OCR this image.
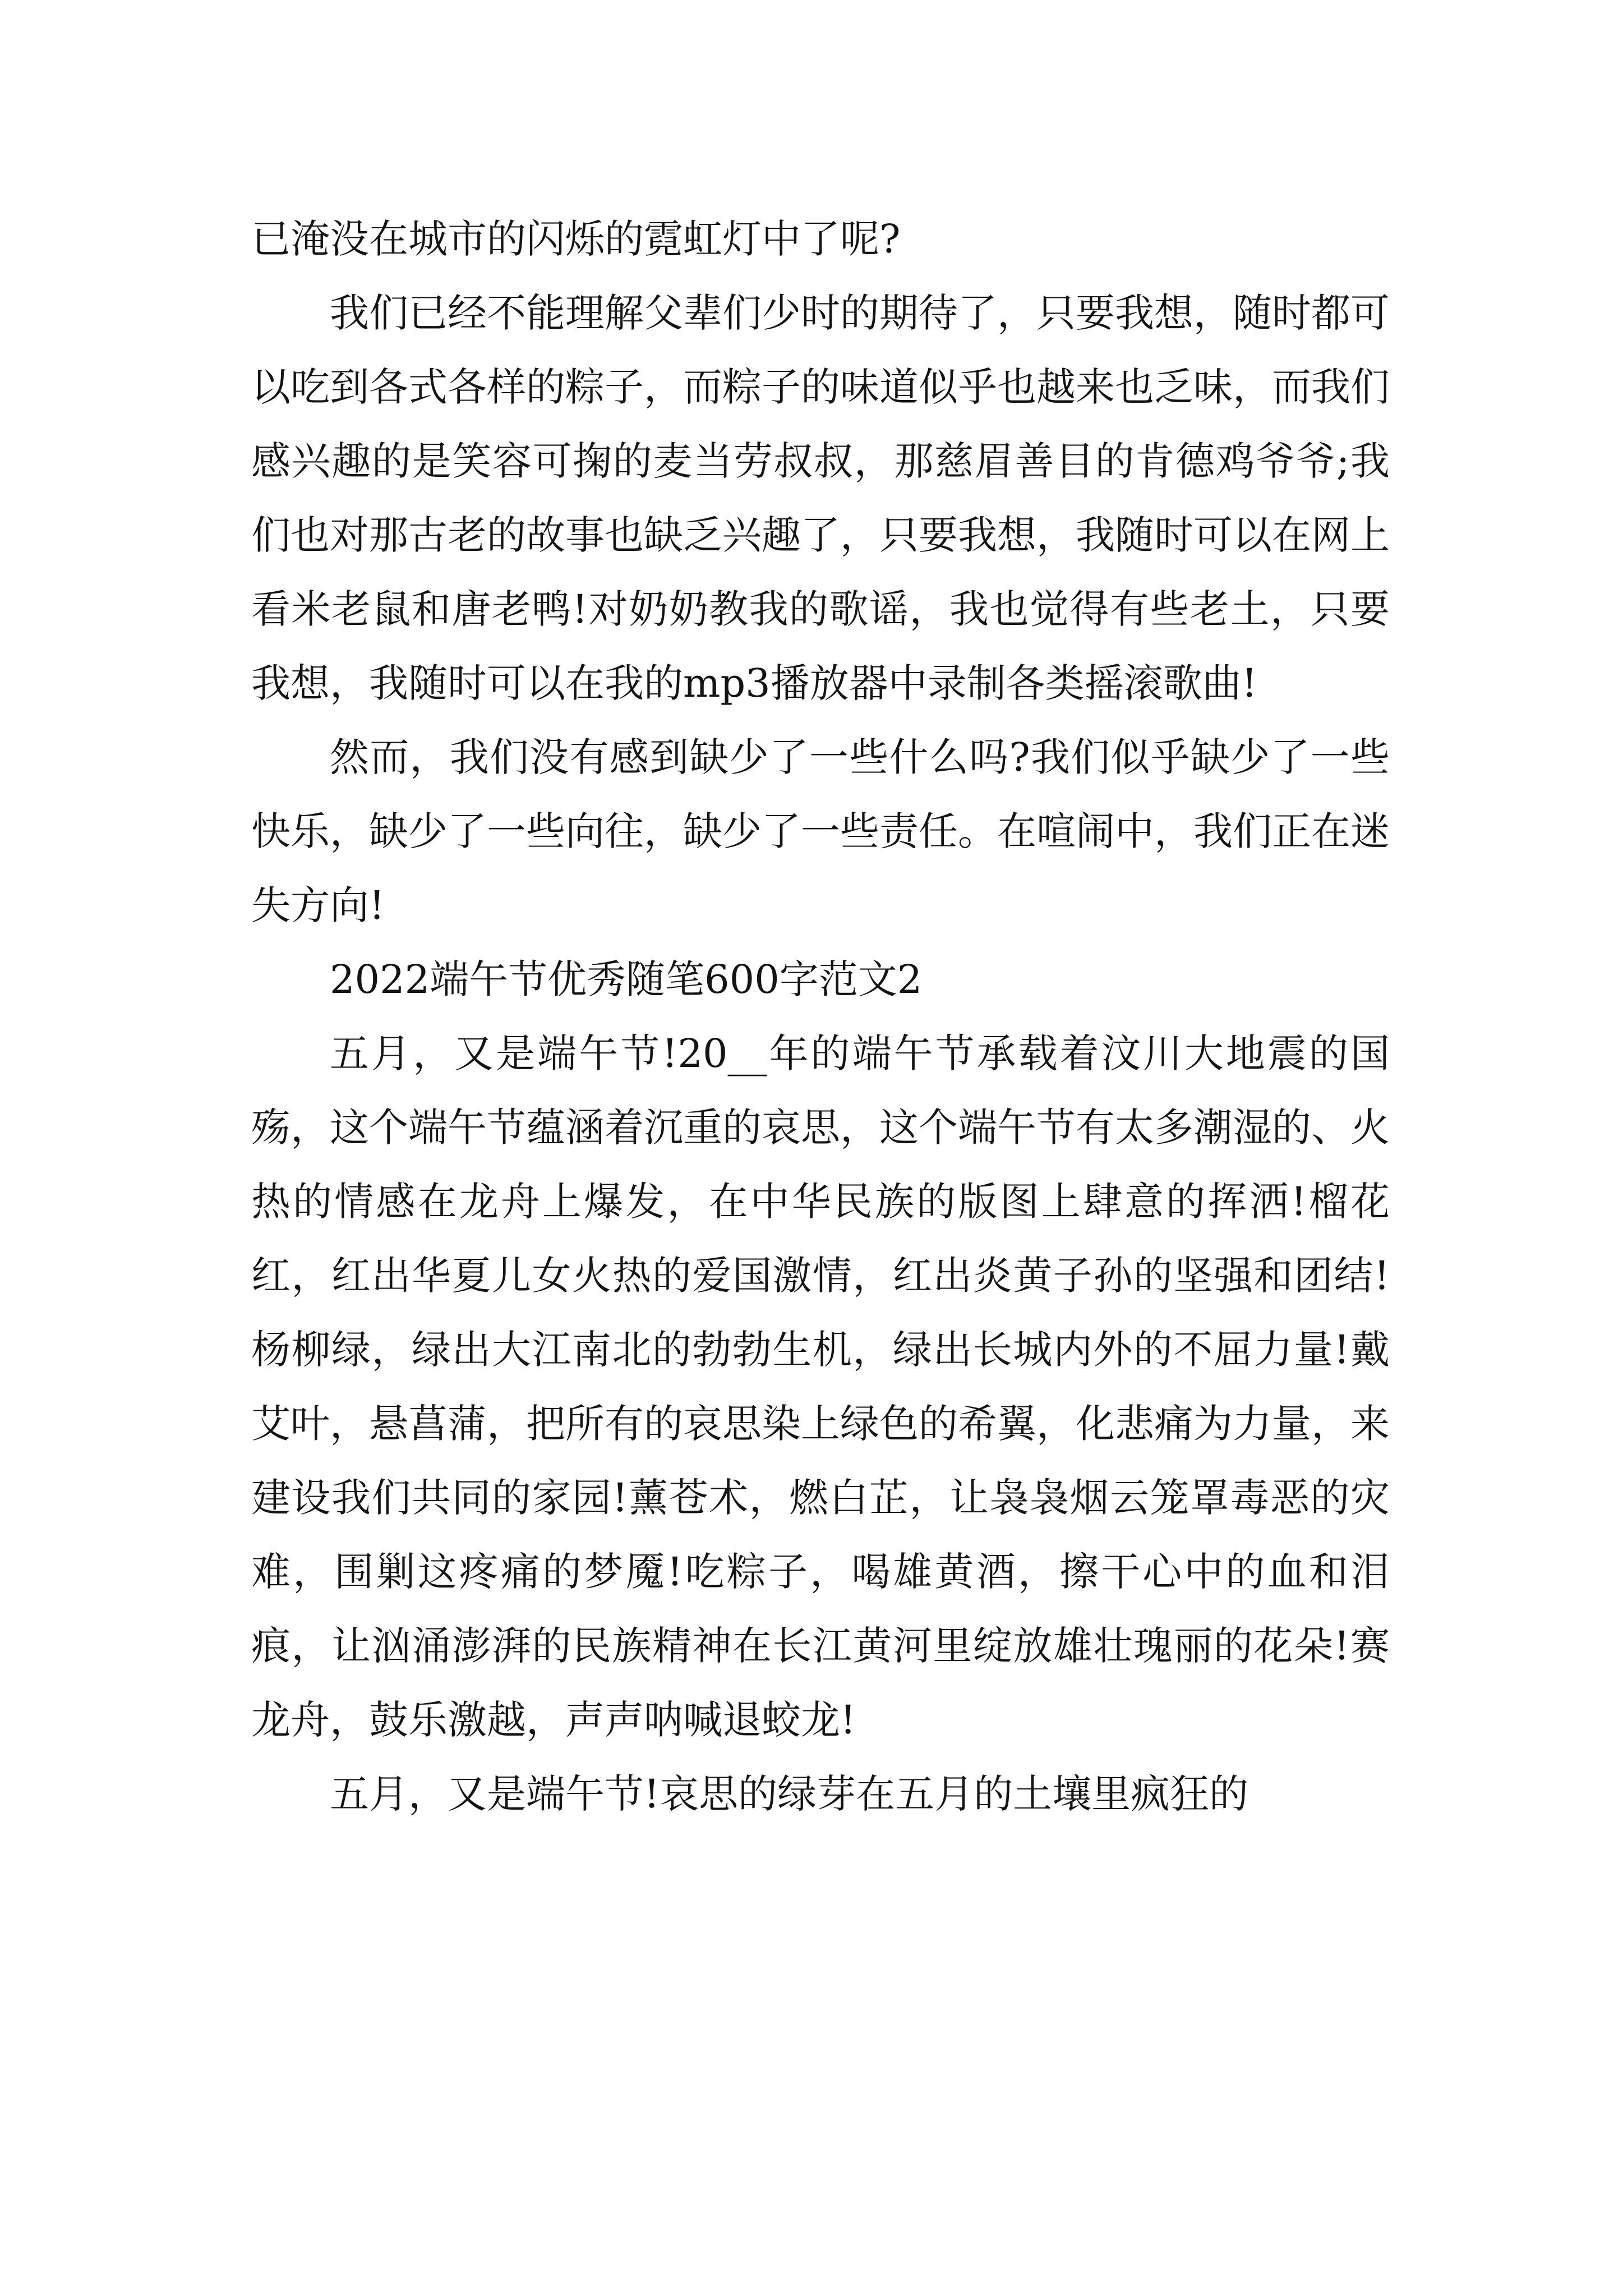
已淹没在城市的闪烁的霓虹灯中了呢?

我们已经不能理解父辈们少时的期待了，只要我想，随时都可以吃到各式各样的粽子，而粽子的味道似乎也越来也乏味，而我们感兴趣的是笑容可掬的麦当劳叔叔，那慈眉善目的肯德鸡爷爷;我们也对那古老的故事也缺乏兴趣了，只要我想，我随时可以在网上看米老鼠和唐老鸭!对奶奶教我的歌谣，我也觉得有些老土，只要我想，我随时可以在我的mp3播放器中录制各类摇滚歌曲!

然而，我们没有感到缺少了一些什么吗?我们似乎缺少了一些快乐，缺少了一些向往，缺少了一些责任。在喧闹中，我们正在迷失方向!

2022端午节优秀随笔600字范文2

五月，又是端午节!20__年的端午节承载着汶川大地震的国殇，这个端午节蕴涵着沉重的哀思，这个端午节有太多潮湿的、火热的情感在龙舟上爆发，在中华民族的版图上肆意的挥洒!榴花红，红出华夏儿女火热的爱国激情，红出炎黄子孙的坚强和团结!杨柳绿，绿出大江南北的勃勃生机，绿出长城内外的不屈力量!戴艾叶，悬菖蒲，把所有的哀思染上绿色的希翼，化悲痛为力量，来建设我们共同的家园!薰苍术，燃白芷，让袅袅烟云笼罩毒恶的灾难，围剿这疼痛的梦魇!吃粽子，喝雄黄酒，擦干心中的血和泪痕，让汹涌澎湃的民族精神在长江黄河里绽放雄壮瑰丽的花朵!赛龙舟，鼓乐激越，声声呐喊退蛟龙!

五月，又是端午节!哀思的绿芽在五月的土壤里疯狂的
